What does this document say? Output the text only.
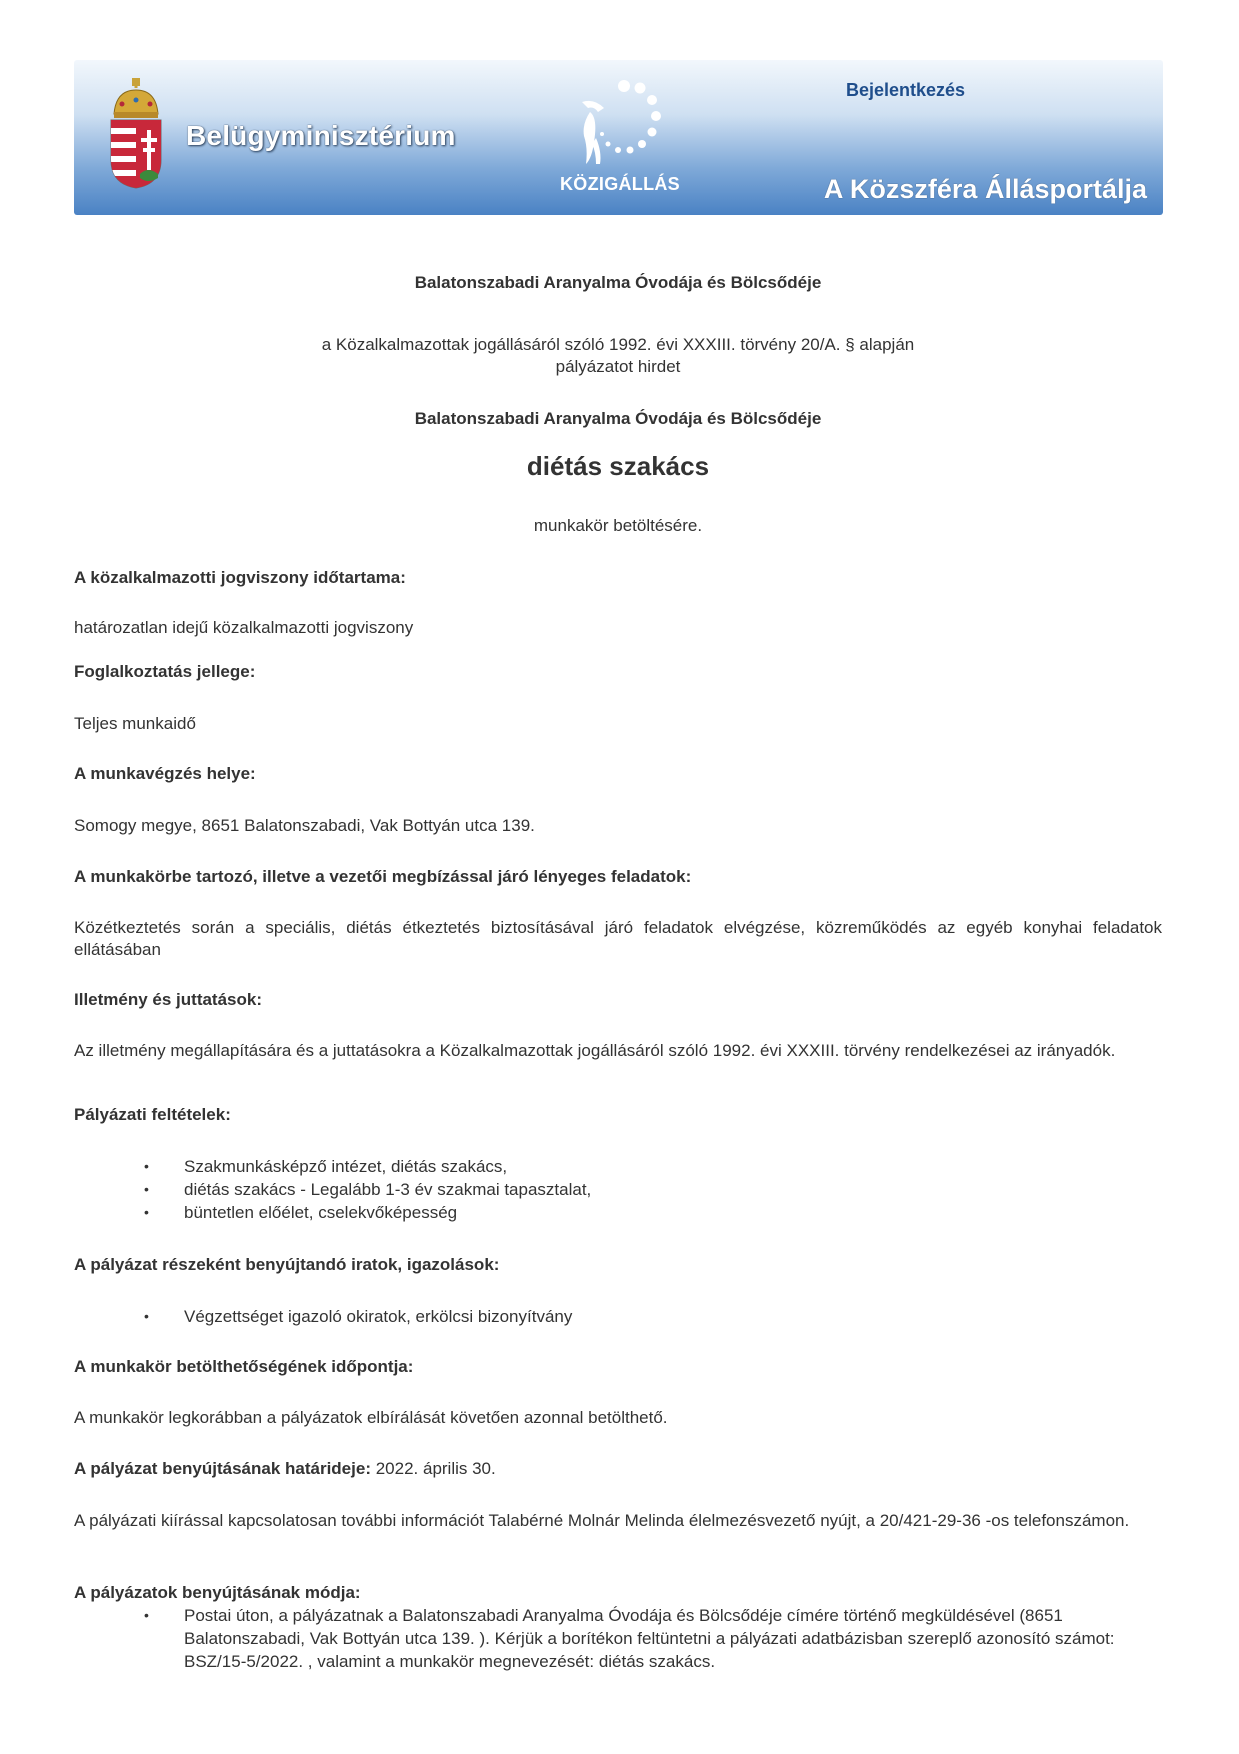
Belügyminisztérium
KÖZIGÁLLÁS
Bejelentkezés
A Közszféra Állásportálja
Balatonszabadi Aranyalma Óvodája és Bölcsődéje
a Közalkalmazottak jogállásáról szóló 1992. évi XXXIII. törvény 20/A. § alapján
pályázatot hirdet
Balatonszabadi Aranyalma Óvodája és Bölcsődéje
diétás szakács
munkakör betöltésére.
A közalkalmazotti jogviszony időtartama:
határozatlan idejű közalkalmazotti jogviszony
Foglalkoztatás jellege:
Teljes munkaidő
A munkavégzés helye:
Somogy megye, 8651 Balatonszabadi, Vak Bottyán utca 139.
A munkakörbe tartozó, illetve a vezetői megbízással járó lényeges feladatok:
Közétkeztetés során a speciális, diétás étkeztetés biztosításával járó feladatok elvégzése, közreműködés az egyéb konyhai feladatok ellátásában
Illetmény és juttatások:
Az illetmény megállapítására és a juttatásokra a Közalkalmazottak jogállásáról szóló 1992. évi XXXIII. törvény rendelkezései az irányadók.
Pályázati feltételek:
• Szakmunkásképző intézet, diétás szakács,
• diétás szakács - Legalább 1-3 év szakmai tapasztalat,
• büntetlen előélet, cselekvőképesség
A pályázat részeként benyújtandó iratok, igazolások:
• Végzettséget igazoló okiratok, erkölcsi bizonyítvány
A munkakör betölthetőségének időpontja:
A munkakör legkorábban a pályázatok elbírálását követően azonnal betölthető.
A pályázat benyújtásának határideje: 2022. április 30.
A pályázati kiírással kapcsolatosan további információt Talabérné Molnár Melinda élelmezésvezető nyújt, a 20/421-29-36 -os telefonszámon.
A pályázatok benyújtásának módja:
• Postai úton, a pályázatnak a Balatonszabadi Aranyalma Óvodája és Bölcsődéje címére történő megküldésével (8651 Balatonszabadi, Vak Bottyán utca 139. ). Kérjük a borítékon feltüntetni a pályázati adatbázisban szereplő azonosító számot: BSZ/15-5/2022. , valamint a munkakör megnevezését: diétás szakács.
